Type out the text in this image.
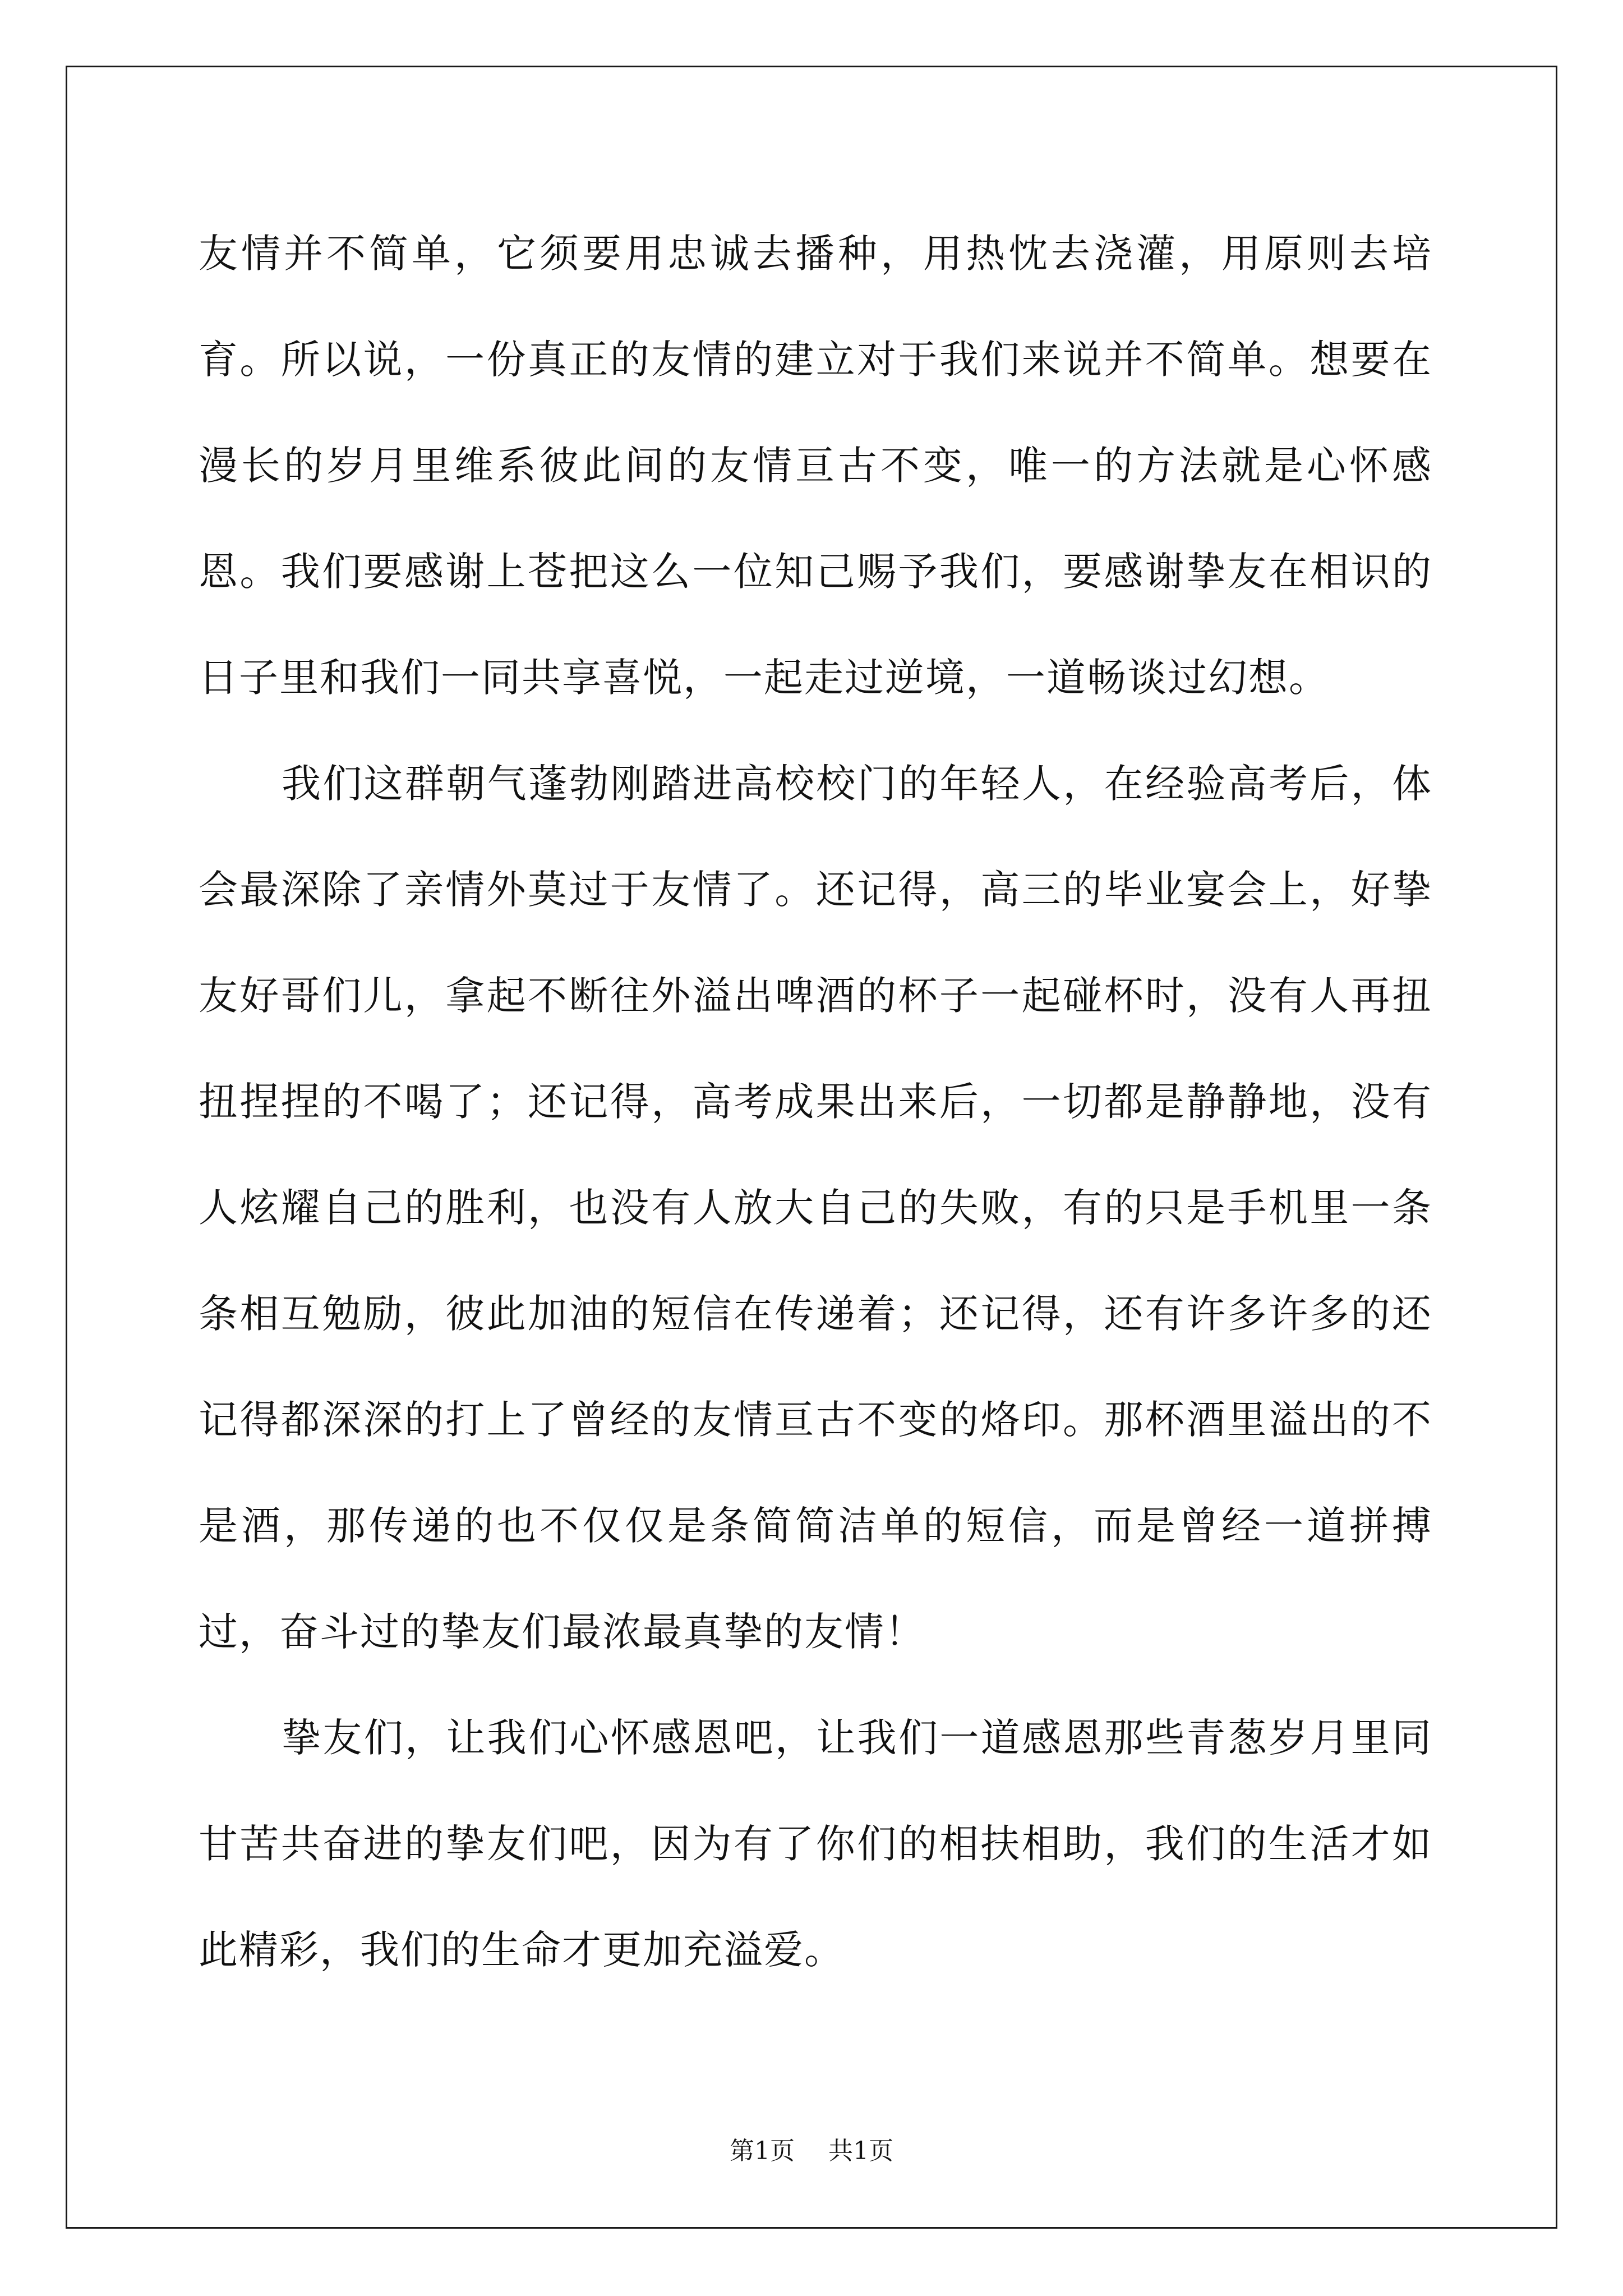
友情并不简单，它须要用忠诚去播种，用热忱去浇灌，用原则去培育。所以说，一份真正的友情的建立对于我们来说并不简单。想要在漫长的岁月里维系彼此间的友情亘古不变，唯一的方法就是心怀感恩。我们要感谢上苍把这么一位知己赐予我们，要感谢挚友在相识的日子里和我们一同共享喜悦，一起走过逆境，一道畅谈过幻想。

我们这群朝气蓬勃刚踏进高校校门的年轻人，在经验高考后，体会最深除了亲情外莫过于友情了。还记得，高三的毕业宴会上，好挚友好哥们儿，拿起不断往外溢出啤酒的杯子一起碰杯时，没有人再扭扭捏捏的不喝了；还记得，高考成果出来后，一切都是静静地，没有人炫耀自己的胜利，也没有人放大自己的失败，有的只是手机里一条条相互勉励，彼此加油的短信在传递着；还记得，还有许多许多的还记得都深深的打上了曾经的友情亘古不变的烙印。那杯酒里溢出的不是酒，那传递的也不仅仅是条简简洁单的短信，而是曾经一道拼搏过，奋斗过的挚友们最浓最真挚的友情！

挚友们，让我们心怀感恩吧，让我们一道感恩那些青葱岁月里同甘苦共奋进的挚友们吧，因为有了你们的相扶相助，我们的生活才如此精彩，我们的生命才更加充溢爱。

第1页 共1页
